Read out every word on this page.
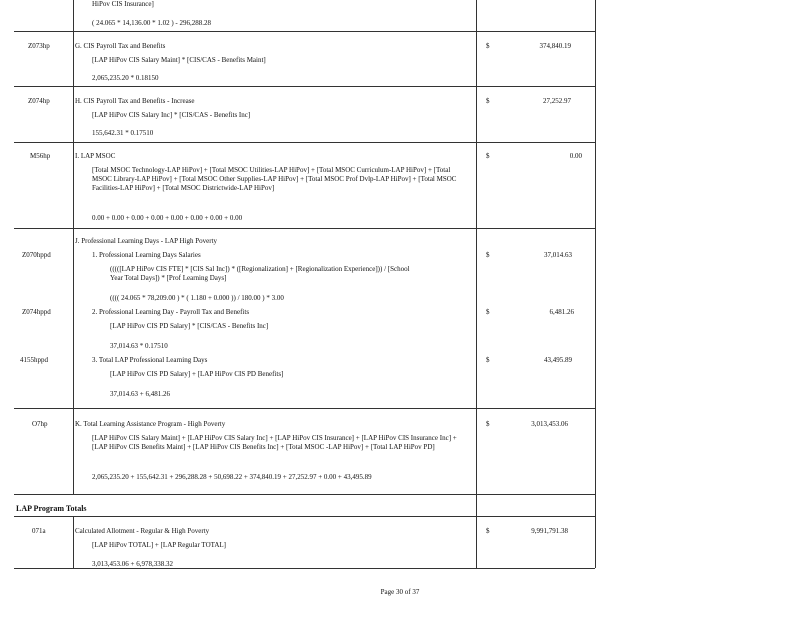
HiPov CIS Insurance]
( 24.065 * 14,136.00 * 1.02 ) - 296,288.28
Z073hp	G. CIS Payroll Tax and Benefits
[LAP HiPov CIS Salary Maint] * [CIS/CAS - Benefits Maint]
2,065,235.20 * 0.18150
$	374,840.19
Z074hp	H. CIS Payroll Tax and Benefits - Increase
[LAP HiPov CIS Salary Inc] * [CIS/CAS - Benefits Inc]
155,642.31 * 0.17510
$	27,252.97
M56hp	I. LAP MSOC
[Total MSOC Technology-LAP HiPov] + [Total MSOC Utilities-LAP HiPov] + [Total MSOC Curriculum-LAP HiPov] + [Total MSOC Library-LAP HiPov] + [Total MSOC Other Supplies-LAP HiPov] + [Total MSOC Prof Dvlp-LAP HiPov] + [Total MSOC Facilities-LAP HiPov] + [Total MSOC Districtwide-LAP HiPov]
0.00 + 0.00 + 0.00 + 0.00 + 0.00 + 0.00 + 0.00 + 0.00
$	0.00
J. Professional Learning Days - LAP High Poverty
Z070hppd	1. Professional Learning Days Salaries
(((([LAP HiPov CIS FTE] * [CIS Sal Inc]) * ([Regionalization] + [Regionalization Experience])) / [School Year Total Days]) * [Prof Learning Days]
(((( 24.065 * 78,209.00 ) * ( 1.180 + 0.000 )) / 180.00 ) * 3.00
$	37,014.63
Z074hppd	2. Professional Learning Day - Payroll Tax and Benefits
[LAP HiPov CIS PD Salary] * [CIS/CAS - Benefits Inc]
37,014.63 * 0.17510
$	6,481.26
4155hppd	3. Total LAP Professional Learning Days
[LAP HiPov CIS PD Salary] + [LAP HiPov CIS PD Benefits]
37,014.63 + 6,481.26
$	43,495.89
O7hp	K. Total Learning Assistance Program - High Poverty
[LAP HiPov CIS Salary Maint] + [LAP HiPov CIS Salary Inc] + [LAP HiPov CIS Insurance] + [LAP HiPov CIS Insurance Inc] + [LAP HiPov CIS Benefits Maint] + [LAP HiPov CIS Benefits Inc] + [Total MSOC -LAP HiPov] + [Total LAP HiPov PD]
2,065,235.20 + 155,642.31 + 296,288.28 + 50,698.22 + 374,840.19 + 27,252.97 + 0.00 + 43,495.89
$	3,013,453.06
LAP Program Totals
071a	Calculated Allotment - Regular & High Poverty
[LAP HiPov TOTAL] + [LAP Regular TOTAL]
3,013,453.06 + 6,978,338.32
$	9,991,791.38
Page 30 of 37
